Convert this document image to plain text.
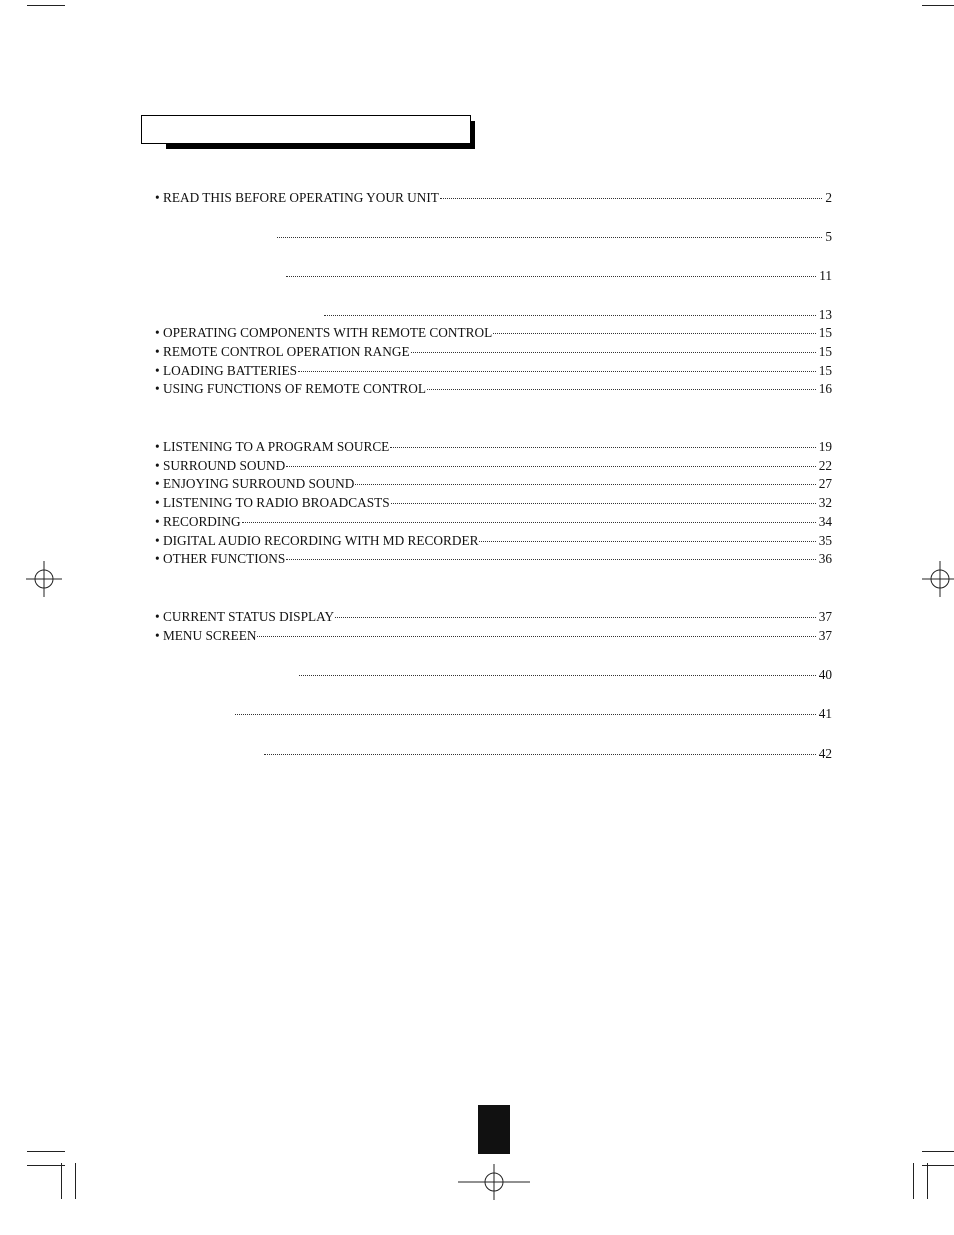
• READ THIS BEFORE OPERATING YOUR UNIT	2
5
11
13
• OPERATING COMPONENTS WITH REMOTE CONTROL	15
• REMOTE CONTROL OPERATION RANGE	15
• LOADING BATTERIES	15
• USING FUNCTIONS OF REMOTE CONTROL	16
• LISTENING TO A PROGRAM SOURCE	19
• SURROUND SOUND	22
• ENJOYING SURROUND SOUND	27
• LISTENING TO RADIO BROADCASTS	32
• RECORDING	34
• DIGITAL AUDIO RECORDING WITH MD RECORDER	35
• OTHER FUNCTIONS	36
• CURRENT STATUS DISPLAY	37
• MENU SCREEN	37
40
41
42
